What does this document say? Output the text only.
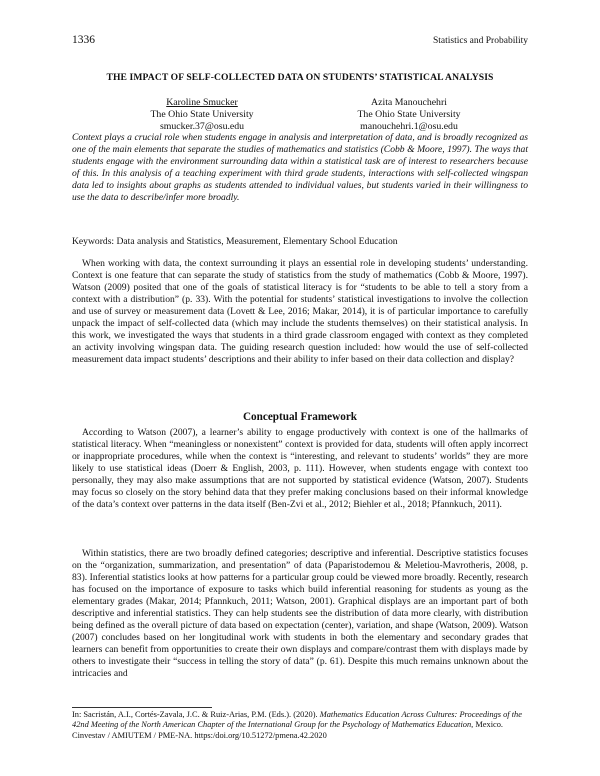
1336	Statistics and Probability
THE IMPACT OF SELF-COLLECTED DATA ON STUDENTS’ STATISTICAL ANALYSIS
Karoline Smucker
The Ohio State University
smucker.37@osu.edu
Azita Manouchehri
The Ohio State University
manouchehri.1@osu.edu
Context plays a crucial role when students engage in analysis and interpretation of data, and is broadly recognized as one of the main elements that separate the studies of mathematics and statistics (Cobb & Moore, 1997). The ways that students engage with the environment surrounding data within a statistical task are of interest to researchers because of this. In this analysis of a teaching experiment with third grade students, interactions with self-collected wingspan data led to insights about graphs as students attended to individual values, but students varied in their willingness to use the data to describe/infer more broadly.
Keywords: Data analysis and Statistics, Measurement, Elementary School Education
When working with data, the context surrounding it plays an essential role in developing students’ understanding. Context is one feature that can separate the study of statistics from the study of mathematics (Cobb & Moore, 1997). Watson (2009) posited that one of the goals of statistical literacy is for “students to be able to tell a story from a context with a distribution” (p. 33). With the potential for students’ statistical investigations to involve the collection and use of survey or measurement data (Lovett & Lee, 2016; Makar, 2014), it is of particular importance to carefully unpack the impact of self-collected data (which may include the students themselves) on their statistical analysis. In this work, we investigated the ways that students in a third grade classroom engaged with context as they completed an activity involving wingspan data. The guiding research question included: how would the use of self-collected measurement data impact students’ descriptions and their ability to infer based on their data collection and display?
Conceptual Framework
According to Watson (2007), a learner’s ability to engage productively with context is one of the hallmarks of statistical literacy. When “meaningless or nonexistent” context is provided for data, students will often apply incorrect or inappropriate procedures, while when the context is “interesting, and relevant to students’ worlds” they are more likely to use statistical ideas (Doerr & English, 2003, p. 111). However, when students engage with context too personally, they may also make assumptions that are not supported by statistical evidence (Watson, 2007). Students may focus so closely on the story behind data that they prefer making conclusions based on their informal knowledge of the data’s context over patterns in the data itself (Ben-Zvi et al., 2012; Biehler et al., 2018; Pfannkuch, 2011).
Within statistics, there are two broadly defined categories; descriptive and inferential. Descriptive statistics focuses on the “organization, summarization, and presentation” of data (Paparistodemou & Meletiou-Mavrotheris, 2008, p. 83). Inferential statistics looks at how patterns for a particular group could be viewed more broadly. Recently, research has focused on the importance of exposure to tasks which build inferential reasoning for students as young as the elementary grades (Makar, 2014; Pfannkuch, 2011; Watson, 2001). Graphical displays are an important part of both descriptive and inferential statistics. They can help students see the distribution of data more clearly, with distribution being defined as the overall picture of data based on expectation (center), variation, and shape (Watson, 2009). Watson (2007) concludes based on her longitudinal work with students in both the elementary and secondary grades that learners can benefit from opportunities to create their own displays and compare/contrast them with displays made by others to investigate their “success in telling the story of data” (p. 61). Despite this much remains unknown about the intricacies and
In: Sacristán, A.I., Cortés-Zavala, J.C. & Ruiz-Arias, P.M. (Eds.). (2020). Mathematics Education Across Cultures: Proceedings of the 42nd Meeting of the North American Chapter of the International Group for the Psychology of Mathematics Education, Mexico. Cinvestav / AMIUTEM / PME-NA. https:/doi.org/10.51272/pmena.42.2020
